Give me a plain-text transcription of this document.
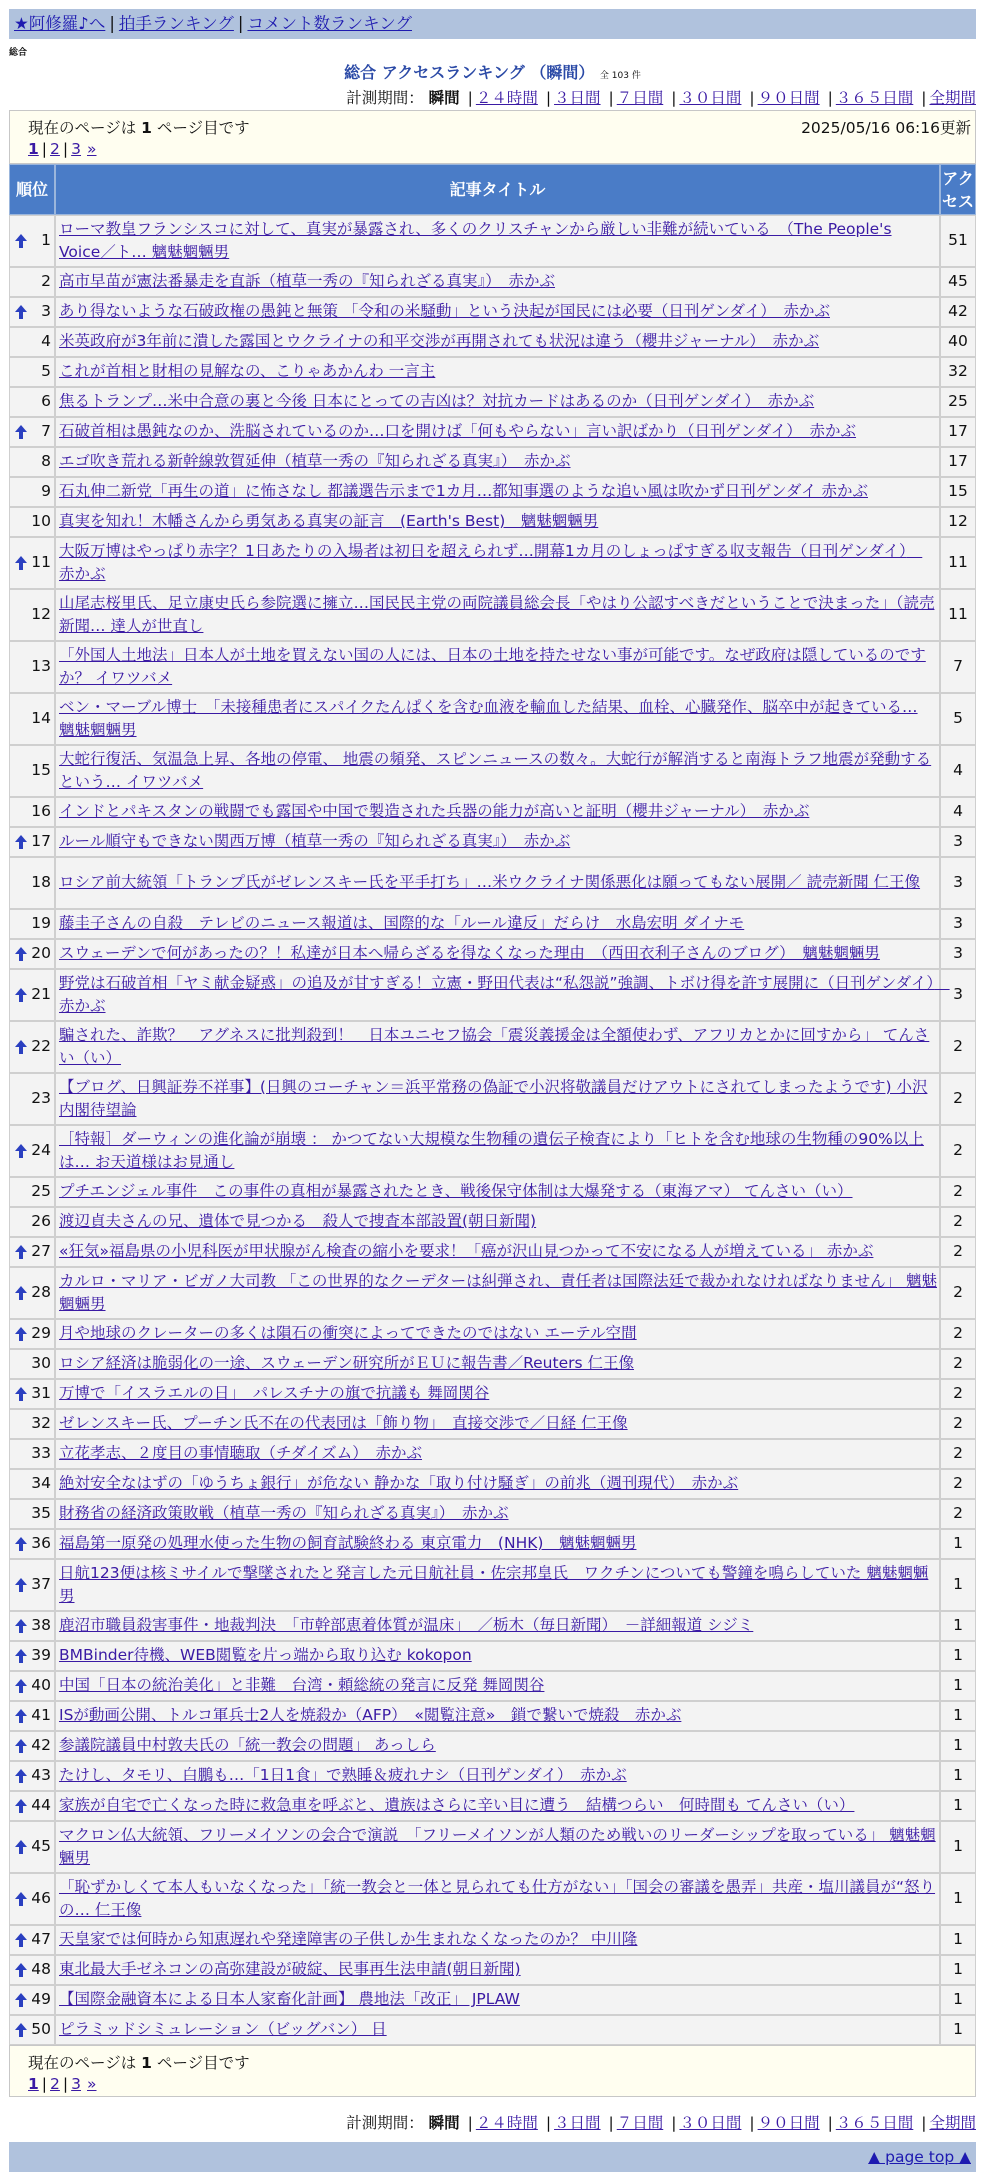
★阿修羅♪へ | 拍手ランキング | コメント数ランキング
総合
総合 アクセスランキング （瞬間） 全 103 件
計測期間： 瞬間 | ２４時間 | ３日間 | ７日間 | ３０日間 | ９０日間 | ３６５日間 | 全期間
現在のページは 1 ページ目です	2025/05/16 06:16更新
1 | 2 | 3 »
順位	記事タイトル	アクセス

1	ローマ教皇フランシスコに対して、真実が暴露され、多くのクリスチャンから厳しい非難が続いている　（The People's Voice／ト… 魑魅魍魎男	51
2	高市早苗が憲法番暴走を直訴（植草一秀の『知られざる真実』）　赤かぶ	45

3	あり得ないような石破政権の愚鈍と無策 「令和の米騒動」という決起が国民には必要（日刊ゲンダイ）　赤かぶ	42
4	米英政府が3年前に潰した露国とウクライナの和平交渉が再開されても状況は違う（櫻井ジャーナル）　赤かぶ	40
5	これが首相と財相の見解なの、こりゃあかんわ 一言主	32
6	焦るトランプ…米中合意の裏と今後 日本にとっての吉凶は？対抗カードはあるのか（日刊ゲンダイ）　赤かぶ	25

7	石破首相は愚鈍なのか、洗脳されているのか…口を開けば「何もやらない」言い訳ばかり（日刊ゲンダイ）　赤かぶ	17
8	エゴ吹き荒れる新幹線敦賀延伸（植草一秀の『知られざる真実』）　赤かぶ	17
9	石丸伸二新党「再生の道」に怖さなし 都議選告示まで1カ月…都知事選のような追い風は吹かず日刊ゲンダイ 赤かぶ	15
10	真実を知れ！木幡さんから勇気ある真実の証言　(Earth's Best)　魑魅魍魎男	12

11	大阪万博はやっぱり赤字？1日あたりの入場者は初日を超えられず…開幕1カ月のしょっぱすぎる収支報告（日刊ゲンダイ）　赤かぶ	11
12	山尾志桜里氏、足立康史氏ら参院選に擁立…国民民主党の両院議員総会長「やはり公認すべきだということで決まった」（読売新聞… 達人が世直し	11
13	「外国人土地法」日本人が土地を買えない国の人には、日本の土地を持たせない事が可能です。なぜ政府は隠しているのですか？ イワツバメ	7
14	ベン・マーブル博士　「未接種患者にスパイクたんぱくを含む血液を輸血した結果、血栓、心臓発作、脳卒中が起きている… 魑魅魍魎男	5
15	大蛇行復活、気温急上昇、各地の停電、 地震の頻発、スピンニュースの数々。大蛇行が解消すると南海トラフ地震が発動するという… イワツバメ	4
16	インドとパキスタンの戦闘でも露国や中国で製造された兵器の能力が高いと証明（櫻井ジャーナル）　赤かぶ	4

17	ルール順守もできない関西万博（植草一秀の『知られざる真実』）　赤かぶ	3
18	ロシア前大統領「トランプ氏がゼレンスキー氏を平手打ち」…米ウクライナ関係悪化は願ってもない展開／ 読売新聞 仁王像	3
19	藤圭子さんの自殺　テレビのニュース報道は、国際的な「ルール違反」だらけ　水島宏明 ダイナモ	3

20	スウェーデンで何があったの？！私達が日本へ帰らざるを得なくなった理由　（西田衣利子さんのブログ）　魑魅魍魎男	3

21	野党は石破首相「ヤミ献金疑惑」の追及が甘すぎる！立憲・野田代表は“私怨説”強調、トボけ得を許す展開に（日刊ゲンダイ）　赤かぶ	3

22	騙された、詐欺？　アグネスに批判殺到！　日本ユニセフ協会「震災義援金は全額使わず、アフリカとかに回すから」 てんさい（い）	2
23	【ブログ、日興証券不祥事】(日興のコーチャン＝浜平常務の偽証で小沢将敬議員だけアウトにされてしまったようです) 小沢内閣待望論	2

24	［特報］ダーウィンの進化論が崩壊 ： かつてない大規模な生物種の遺伝子検査により「ヒトを含む地球の生物種の90%以上は… お天道様はお見通し	2
25	プチエンジェル事件　この事件の真相が暴露されたとき、戦後保守体制は大爆発する（東海アマ） てんさい（い）	2
26	渡辺貞夫さんの兄、遺体で見つかる　殺人で捜査本部設置(朝日新聞)	2

27	«狂気»福島県の小児科医が甲状腺がん検査の縮小を要求！「癌が沢山見つかって不安になる人が増えている」 赤かぶ	2

28	カルロ・マリア・ビガノ大司教 「この世界的なクーデターは糾弾され、責任者は国際法廷で裁かれなければなりません」 魑魅魍魎男	2

29	月や地球のクレーターの多くは隕石の衝突によってできたのではない エーテル空間	2
30	ロシア経済は脆弱化の一途、スウェーデン研究所がＥＵに報告書／Reuters 仁王像	2

31	万博で「イスラエルの日」　パレスチナの旗で抗議も 舞岡関谷	2
32	ゼレンスキー氏、プーチン氏不在の代表団は「飾り物」　直接交渉で／日経 仁王像	2
33	立花孝志、２度目の事情聴取（チダイズム）　赤かぶ	2
34	絶対安全なはずの「ゆうちょ銀行」が危ない 静かな「取り付け騒ぎ」の前兆（週刊現代）　赤かぶ	2
35	財務省の経済政策敗戦（植草一秀の『知られざる真実』）　赤かぶ	2

36	福島第一原発の処理水使った生物の飼育試験終わる 東京電力　(NHK)　魑魅魍魎男	1

37	日航123便は核ミサイルで撃墜されたと発言した元日航社員・佐宗邦皇氏　ワクチンについても警鐘を鳴らしていた 魑魅魍魎男	1

38	鹿沼市職員殺害事件・地裁判決　「市幹部恵着体質が温床」　／栃木（毎日新聞）　－詳細報道 シジミ	1

39	BMBinder待機、WEB閲覧を片っ端から取り込む kokopon	1

40	中国「日本の統治美化」と非難　台湾・頼総統の発言に反発 舞岡関谷	1

41	ISが動画公開、トルコ軍兵士2人を焼殺か（AFP）　«閲覧注意»　鎖で繋いで焼殺　赤かぶ	1

42	参議院議員中村敦夫氏の「統一教会の問題」 あっしら	1

43	たけし、タモリ、白鵬も…「1日1食」で熟睡＆疲れナシ（日刊ゲンダイ）　赤かぶ	1

44	家族が自宅で亡くなった時に救急車を呼ぶと、遺族はさらに辛い目に遭う　結構つらい　何時間も てんさい（い）	1

45	マクロン仏大統領、フリーメイソンの会合で演説　「フリーメイソンが人類のため戦いのリーダーシップを取っている」 魑魅魍魎男	1

46	「恥ずかしくて本人もいなくなった」「統一教会と一体と見られても仕方がない」「国会の審議を愚弄」共産・塩川議員が“怒りの… 仁王像	1

47	天皇家では何時から知恵遅れや発達障害の子供しか生まれなくなったのか？ 中川隆	1

48	東北最大手ゼネコンの高弥建設が破綻、民事再生法申請(朝日新聞)	1

49	【国際金融資本による日本人家畜化計画】 農地法「改正」 JPLAW	1

50	ピラミッドシミュレーション（ビッグバン） 日	1
計測期間： 瞬間 | ２４時間 | ３日間 | ７日間 | ３０日間 | ９０日間 | ３６５日間 | 全期間
▲ page top ▲
現在のページは 1 ページ目です
1 | 2 | 3 »
